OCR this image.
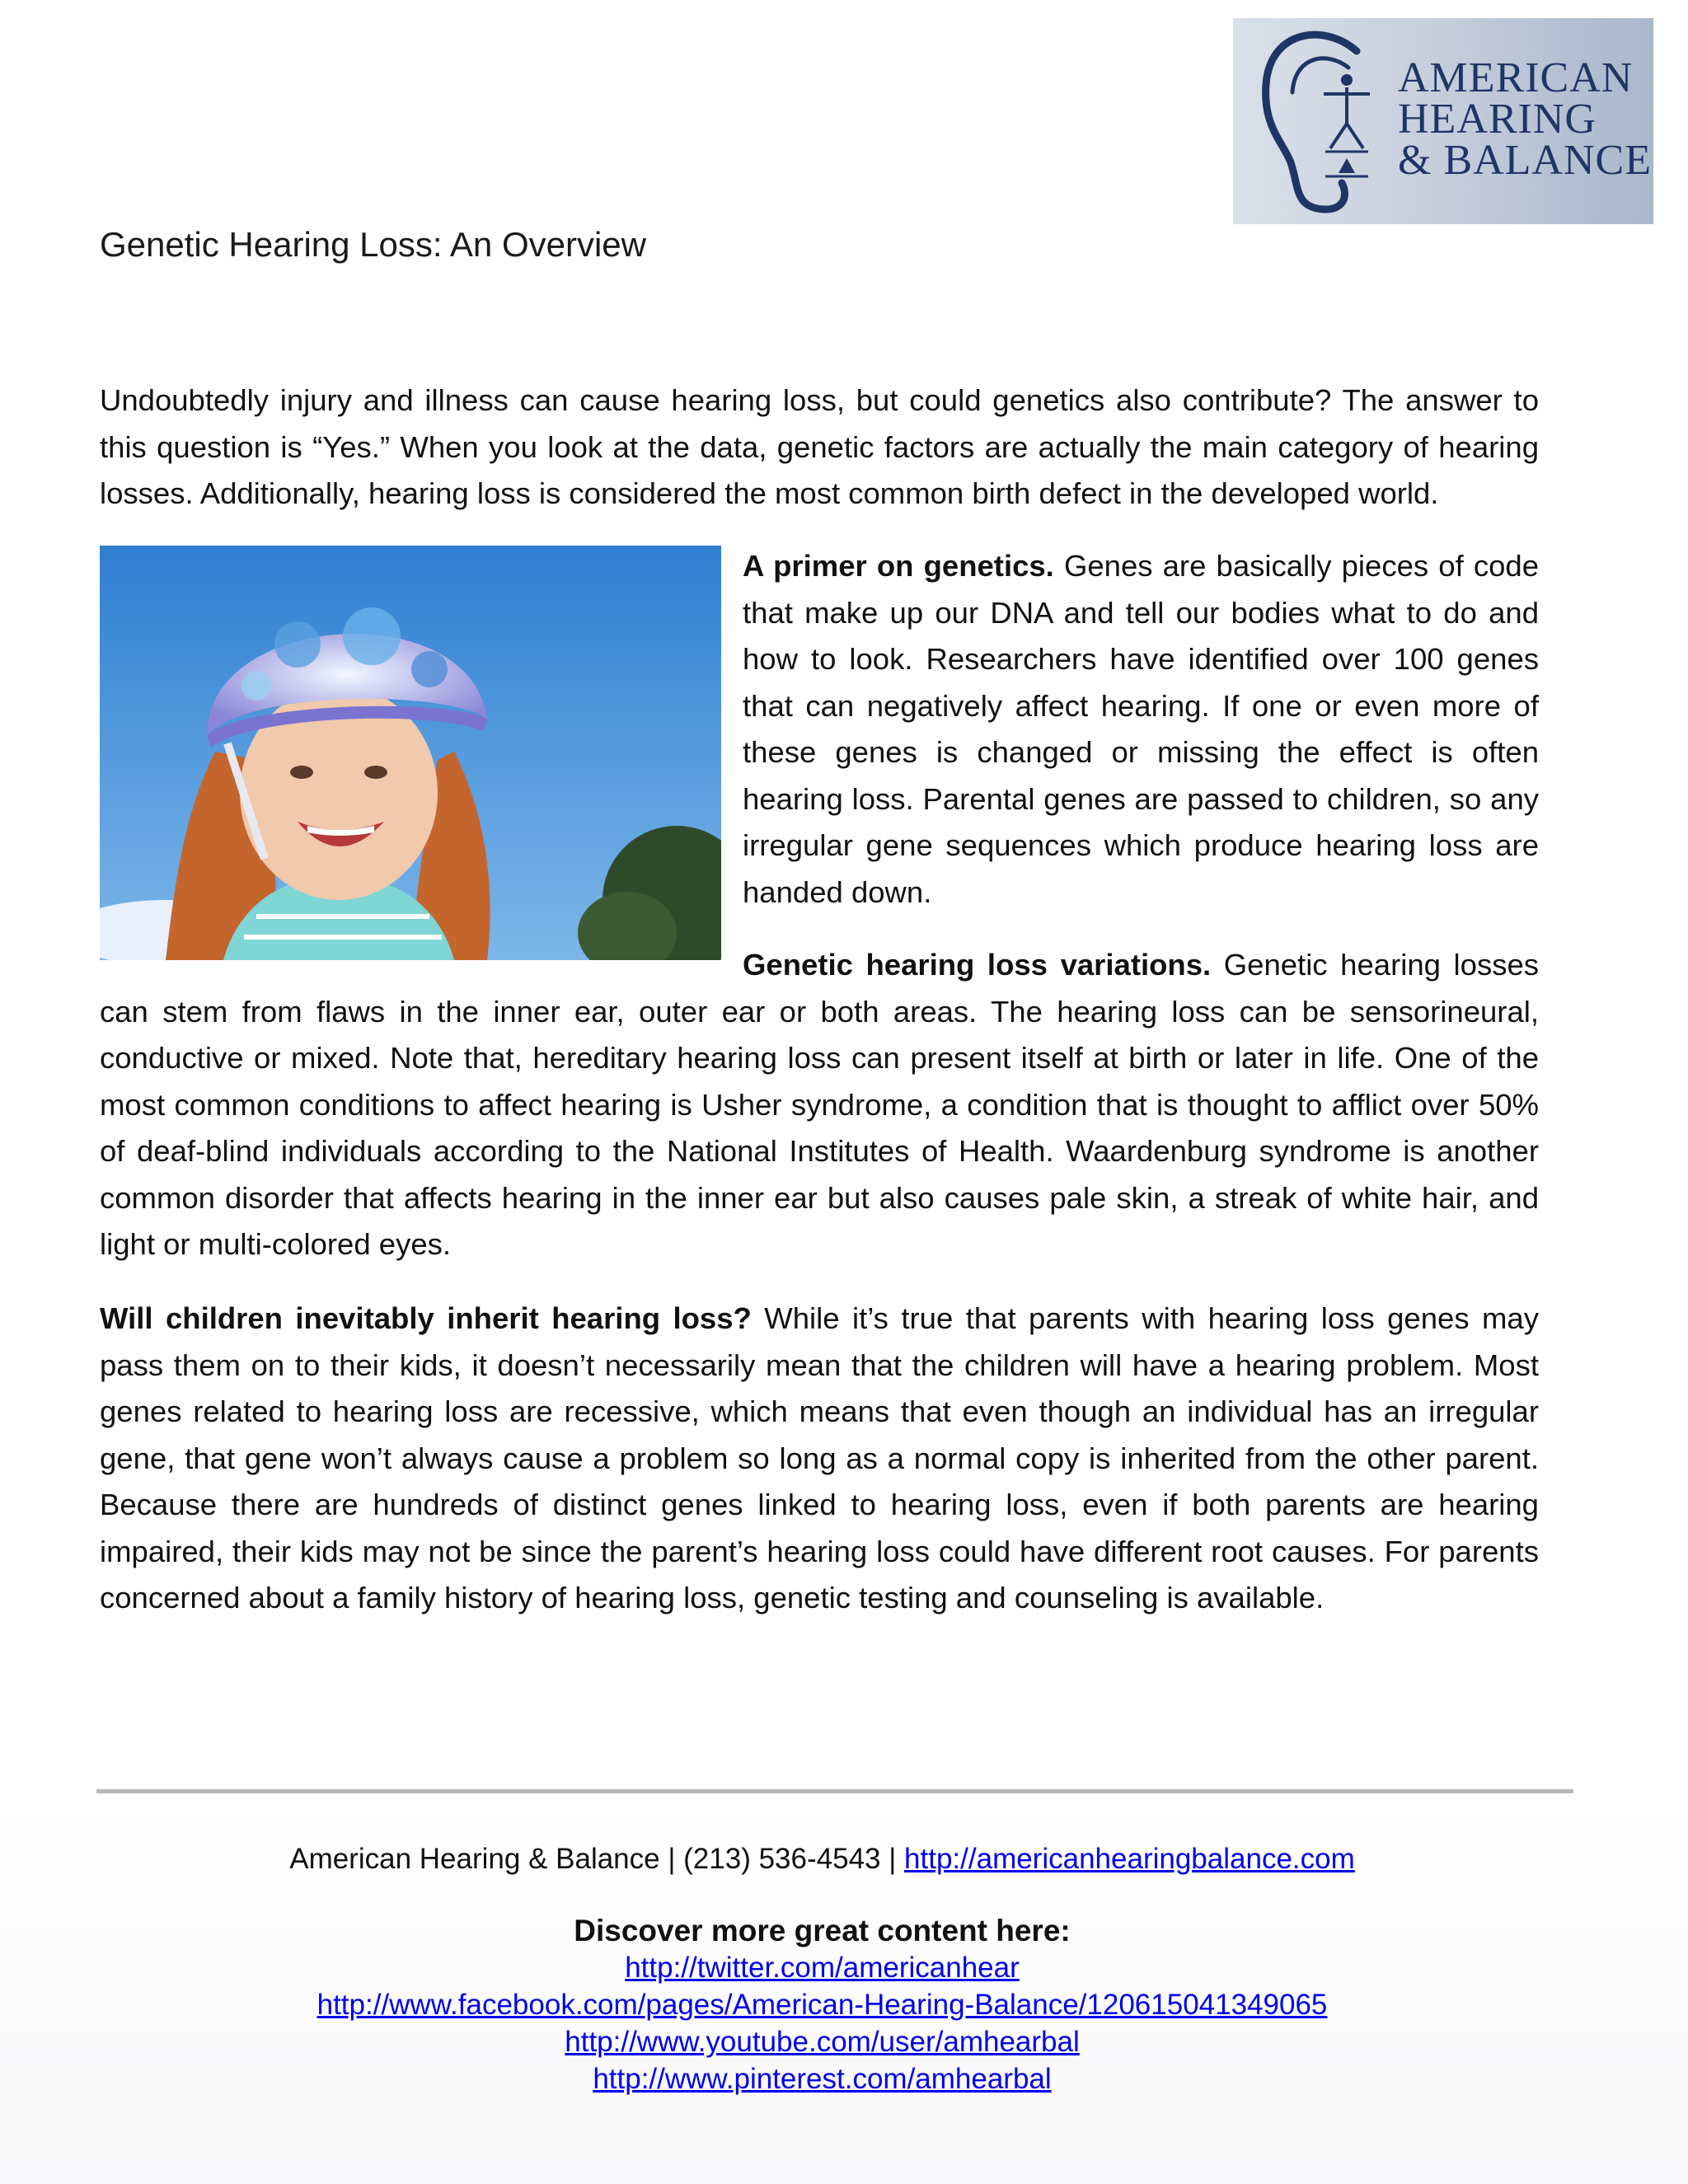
AMERICAN
HEARING
& BALANCE
Genetic Hearing Loss: An Overview

Undoubtedly injury and illness can cause hearing loss, but could genetics also contribute? The answer to this question is “Yes.” When you look at the data, genetic factors are actually the main category of hearing losses. Additionally, hearing loss is considered the most common birth defect in the developed world.

A primer on genetics. Genes are basically pieces of code that make up our DNA and tell our bodies what to do and how to look. Researchers have identified over 100 genes that can negatively affect hearing. If one or even more of these genes is changed or missing the effect is often hearing loss. Parental genes are passed to children, so any irregular gene sequences which produce hearing loss are handed down.

Genetic hearing loss variations. Genetic hearing losses can stem from flaws in the inner ear, outer ear or both areas. The hearing loss can be sensorineural, conductive or mixed. Note that, hereditary hearing loss can present itself at birth or later in life. One of the most common conditions to affect hearing is Usher syndrome, a condition that is thought to afflict over 50% of deaf-blind individuals according to the National Institutes of Health. Waardenburg syndrome is another common disorder that affects hearing in the inner ear but also causes pale skin, a streak of white hair, and light or multi-colored eyes.

Will children inevitably inherit hearing loss? While it’s true that parents with hearing loss genes may pass them on to their kids, it doesn’t necessarily mean that the children will have a hearing problem. Most genes related to hearing loss are recessive, which means that even though an individual has an irregular gene, that gene won’t always cause a problem so long as a normal copy is inherited from the other parent. Because there are hundreds of distinct genes linked to hearing loss, even if both parents are hearing impaired, their kids may not be since the parent’s hearing loss could have different root causes. For parents concerned about a family history of hearing loss, genetic testing and counseling is available.

American Hearing & Balance | (213) 536-4543 | http://americanhearingbalance.com
Discover more great content here:
http://twitter.com/americanhear
http://www.facebook.com/pages/American-Hearing-Balance/120615041349065
http://www.youtube.com/user/amhearbal
http://www.pinterest.com/amhearbal
